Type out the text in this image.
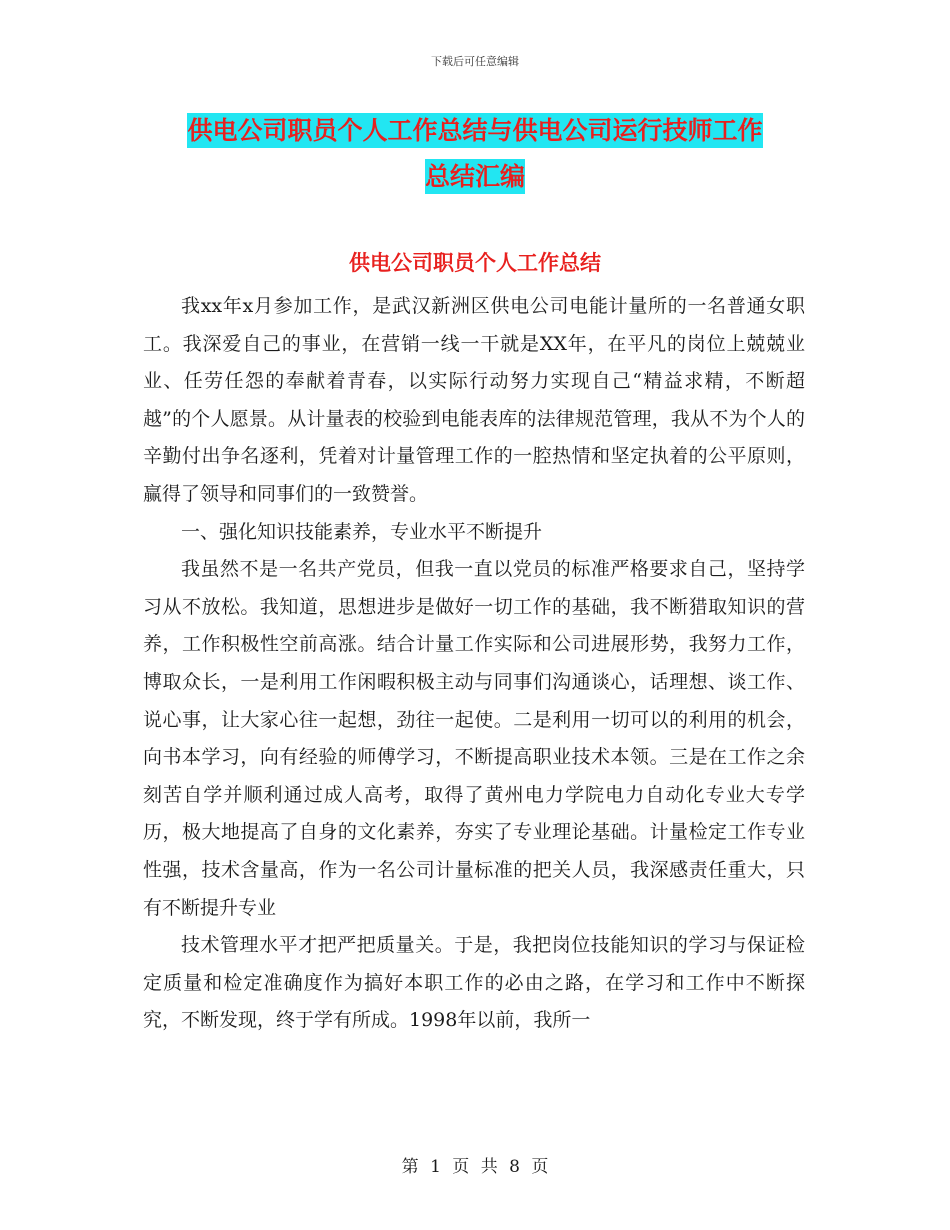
下载后可任意编辑
供电公司职员个人工作总结与供电公司运行技师工作
总结汇编
供电公司职员个人工作总结

我xx年x月参加工作，是武汉新洲区供电公司电能计量所的一名普通女职工。我深爱自己的事业，在营销一线一干就是XX年，在平凡的岗位上兢兢业业、任劳任怨的奉献着青春，以实际行动努力实现自己“精益求精，不断超越”的个人愿景。从计量表的校验到电能表库的法律规范管理，我从不为个人的辛勤付出争名逐利，凭着对计量管理工作的一腔热情和坚定执着的公平原则，赢得了领导和同事们的一致赞誉。

一、强化知识技能素养，专业水平不断提升

我虽然不是一名共产党员，但我一直以党员的标准严格要求自己，坚持学习从不放松。我知道，思想进步是做好一切工作的基础，我不断猎取知识的营养，工作积极性空前高涨。结合计量工作实际和公司进展形势，我努力工作，博取众长，一是利用工作闲暇积极主动与同事们沟通谈心，话理想、谈工作、说心事，让大家心往一起想，劲往一起使。二是利用一切可以的利用的机会，向书本学习，向有经验的师傅学习，不断提高职业技术本领。三是在工作之余刻苦自学并顺利通过成人高考，取得了黄州电力学院电力自动化专业大专学历，极大地提高了自身的文化素养，夯实了专业理论基础。计量检定工作专业性强，技术含量高，作为一名公司计量标准的把关人员，我深感责任重大，只有不断提升专业

技术管理水平才把严把质量关。于是，我把岗位技能知识的学习与保证检定质量和检定准确度作为搞好本职工作的必由之路，在学习和工作中不断探究，不断发现，终于学有所成。1998年以前，我所一

第 1 页 共 8 页
